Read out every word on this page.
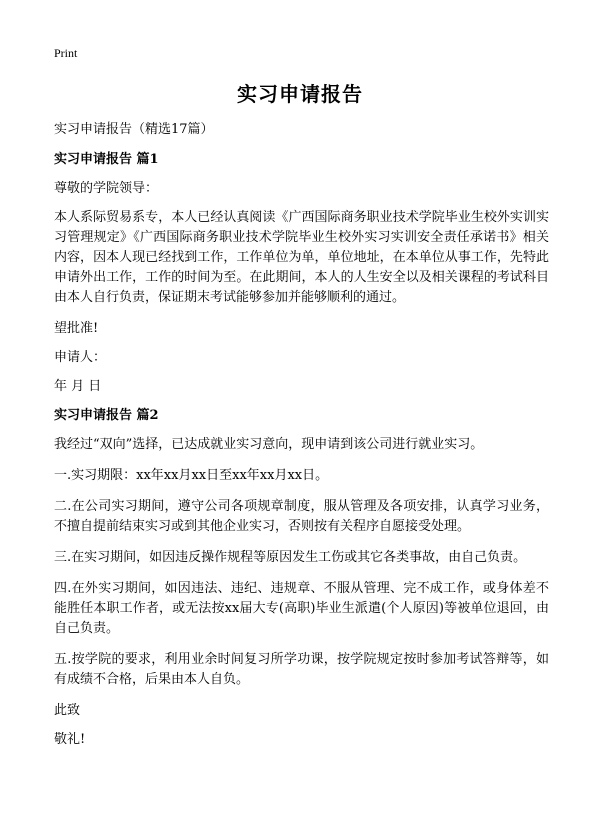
Print
实习申请报告

实习申请报告（精选17篇）

实习申请报告 篇1

尊敬的学院领导：

本人系际贸易系专，本人已经认真阅读《广西国际商务职业技术学院毕业生校外实训实习管理规定》《广西国际商务职业技术学院毕业生校外实习实训安全责任承诺书》相关内容，因本人现已经找到工作，工作单位为单，单位地址，在本单位从事工作，先特此申请外出工作，工作的时间为至。在此期间，本人的人生安全以及相关课程的考试科目由本人自行负责，保证期末考试能够参加并能够顺利的通过。

望批准!

申请人：

年 月 日

实习申请报告 篇2

我经过“双向”选择，已达成就业实习意向，现申请到该公司进行就业实习。

一.实习期限：xx年xx月xx日至xx年xx月xx日。

二.在公司实习期间，遵守公司各项规章制度，服从管理及各项安排，认真学习业务，不擅自提前结束实习或到其他企业实习，否则按有关程序自愿接受处理。

三.在实习期间，如因违反操作规程等原因发生工伤或其它各类事故，由自己负责。

四.在外实习期间，如因违法、违纪、违规章、不服从管理、完不成工作，或身体差不能胜任本职工作者，或无法按xx届大专(高职)毕业生派遣(个人原因)等被单位退回，由自己负责。

五.按学院的要求，利用业余时间复习所学功课，按学院规定按时参加考试答辩等，如有成绩不合格，后果由本人自负。

此致

敬礼!
